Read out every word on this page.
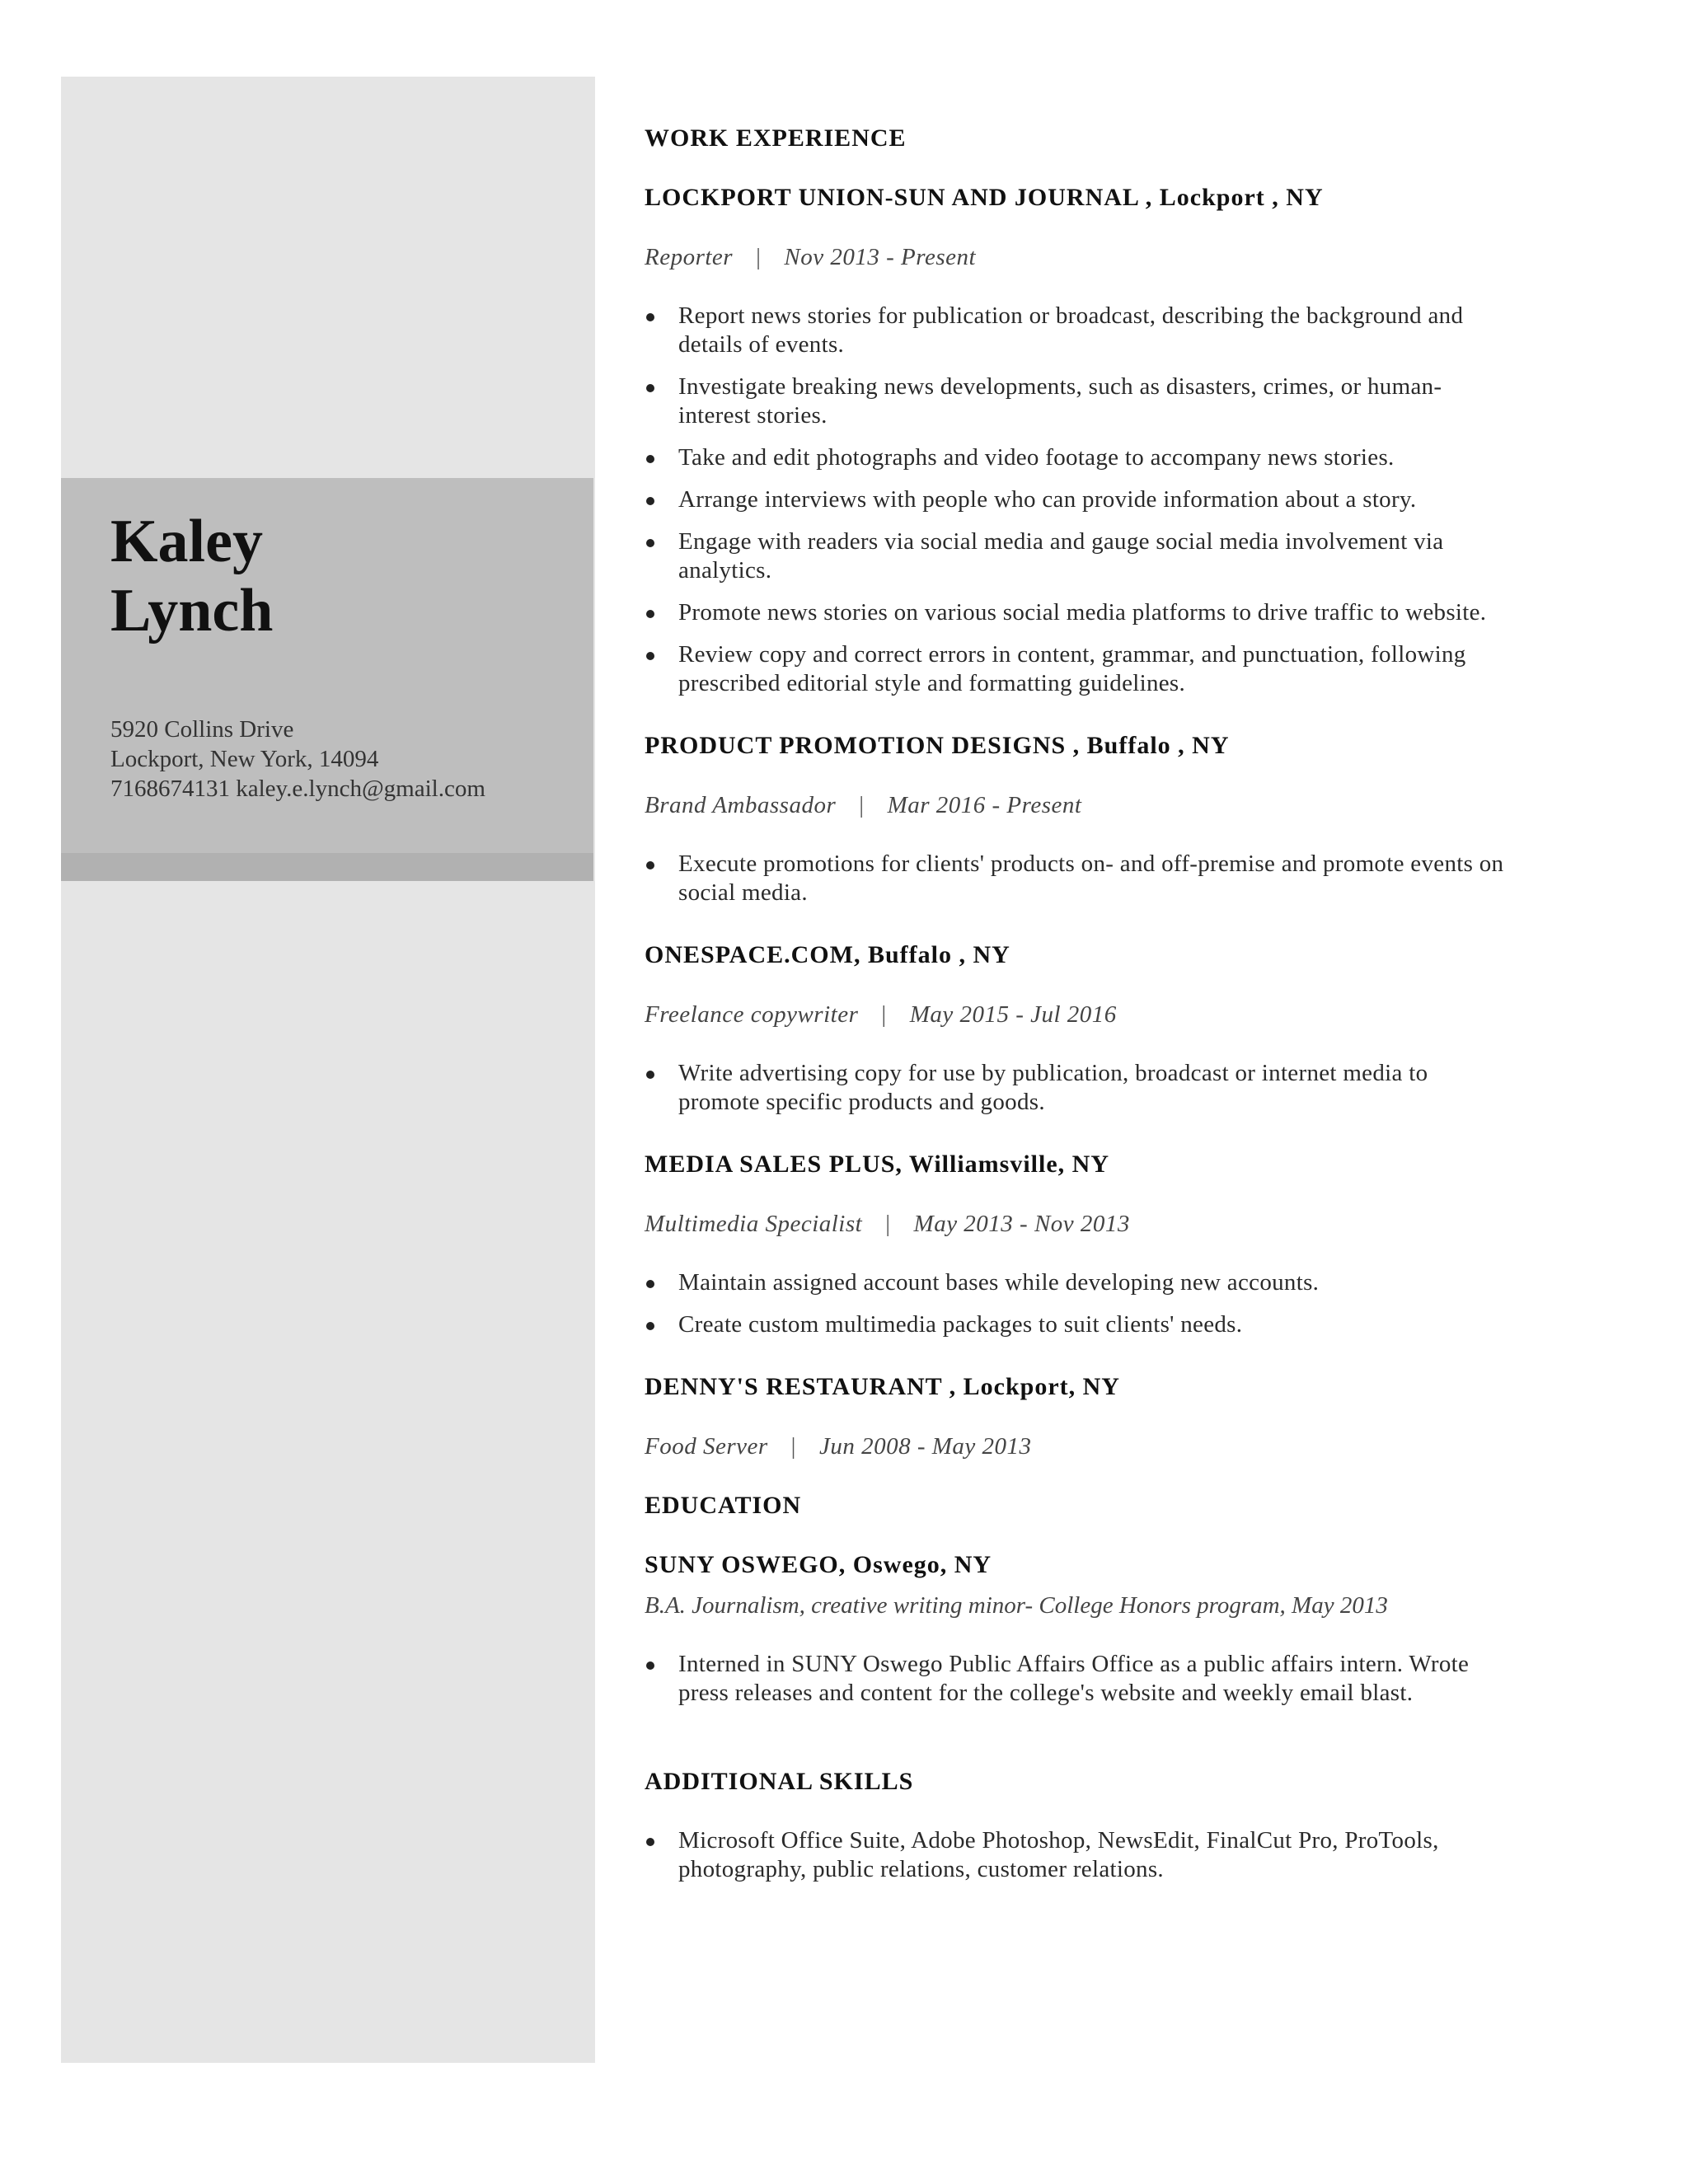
Kaley
Lynch
5920 Collins Drive
Lockport, New York, 14094
7168674131 kaley.e.lynch@gmail.com
WORK EXPERIENCE
LOCKPORT UNION-SUN AND JOURNAL , Lockport , NY

Reporter | Nov 2013 - Present

Report news stories for publication or broadcast, describing the background and details of events.
Investigate breaking news developments, such as disasters, crimes, or human-interest stories.
Take and edit photographs and video footage to accompany news stories.
Arrange interviews with people who can provide information about a story.
Engage with readers via social media and gauge social media involvement via analytics.
Promote news stories on various social media platforms to drive traffic to website.
Review copy and correct errors in content, grammar, and punctuation, following prescribed editorial style and formatting guidelines.
PRODUCT PROMOTION DESIGNS , Buffalo , NY

Brand Ambassador | Mar 2016 - Present

Execute promotions for clients' products on- and off-premise and promote events on social media.
ONESPACE.COM, Buffalo , NY

Freelance copywriter | May 2015 - Jul 2016

Write advertising copy for use by publication, broadcast or internet media to promote specific products and goods.
MEDIA SALES PLUS, Williamsville, NY

Multimedia Specialist | May 2013 - Nov 2013

Maintain assigned account bases while developing new accounts.
Create custom multimedia packages to suit clients' needs.
DENNY'S RESTAURANT , Lockport, NY

Food Server | Jun 2008 - May 2013

EDUCATION
SUNY OSWEGO, Oswego, NY

B.A. Journalism, creative writing minor- College Honors program, May 2013

Interned in SUNY Oswego Public Affairs Office as a public affairs intern. Wrote press releases and content for the college's website and weekly email blast.
ADDITIONAL SKILLS
Microsoft Office Suite, Adobe Photoshop, NewsEdit, FinalCut Pro, ProTools, photography, public relations, customer relations.
